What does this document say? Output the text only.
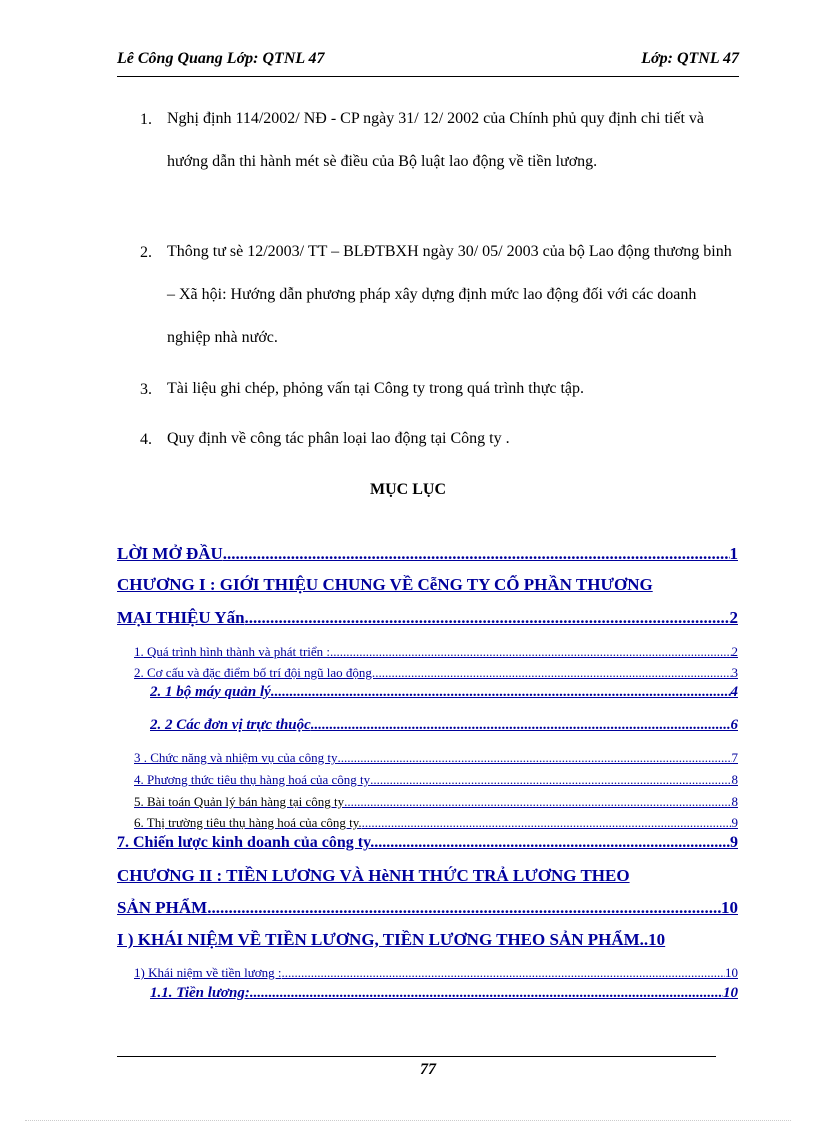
Lê Công Quang Lớp: QTNL 47	Lớp: QTNL 47
1. Nghị định 114/2002/ NĐ - CP ngày 31/ 12/ 2002 của Chính phủ quy định chi tiết và hướng dẫn thi hành mét sè điều của Bộ luật lao động về tiền lương.
2. Thông tư sè 12/2003/ TT – BLĐTBXH ngày 30/ 05/ 2003 của bộ Lao động thương binh – Xã hội: Hướng dẫn phương pháp xây dựng định mức lao động đối với các doanh nghiệp nhà nước.
3. Tài liệu ghi chép, phỏng vấn tại Công ty trong quá trình thực tập.
4. Quy định về công tác phân loại lao động tại Công ty .
MỤC LỤC
LỜI MỞ ĐẦU .....	1
CHƯƠNG I : GIỚI THIỆU CHUNG VỀ CễNG TY CỔ PHẦN THƯƠNG
MẠI THIỆU Yấn .....	2
1. Quá trình hình thành và phát triển : .....	2
2. Cơ cấu và đặc điểm bố trí đội ngũ lao động. .....	3
2. 1 bộ máy quản lý .....	4
2. 2 Các đơn vị trực thuộc .....	6
3 . Chức năng và nhiệm vụ của công ty .....	7
4. Phương thức tiêu thụ hàng hoá của công ty .....	8
5. Bài toán Quản lý bán hàng tại công ty .....	8
6. Thị trường tiêu thụ hàng hoá của công ty. .....	9
7. Chiến lược kinh doanh của công ty. .....	9
CHƯƠNG II : TIỀN LƯƠNG VÀ HèNH THỨC TRẢ LƯƠNG THEO
SẢN PHẨM .....	10
I ) KHÁI NIỆM VỀ TIỀN LƯƠNG, TIỀN LƯƠNG THEO SẢN PHẨM ..10
1) Khái niệm về tiền lương : .....	10
1.1. Tiền lương: .....	10
77
